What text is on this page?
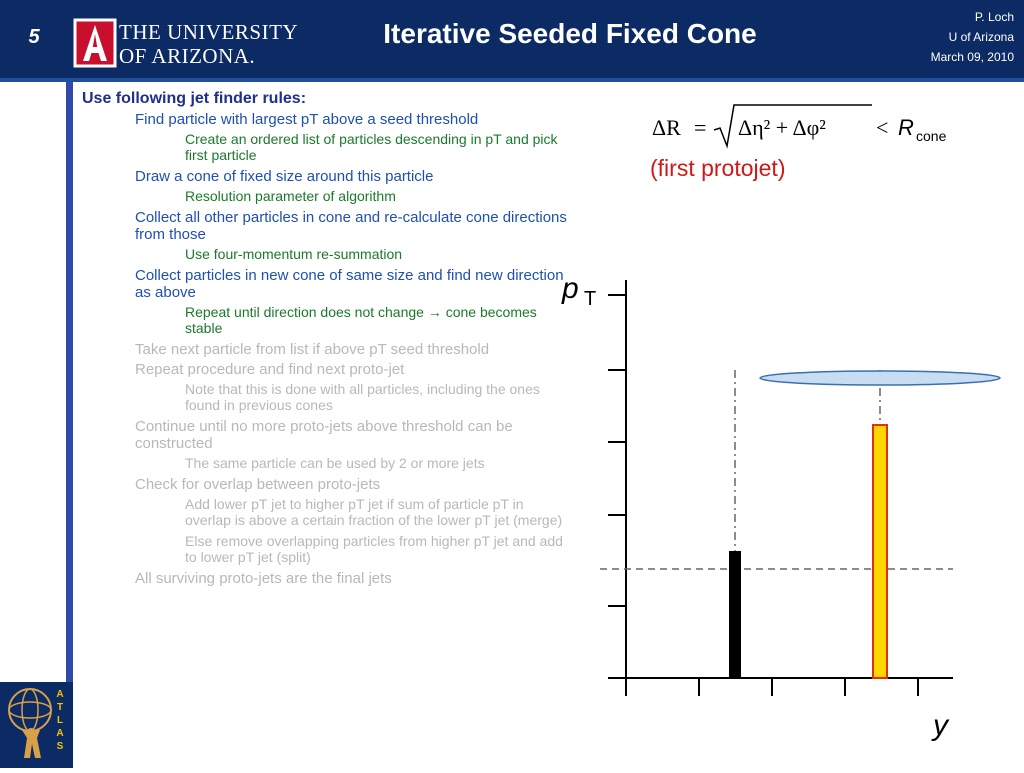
5	THE UNIVERSITY
OF ARIZONA.
Iterative Seeded Fixed Cone
P. Loch
U of Arizona
March 09, 2010
A
T
L
A
S
Use following jet finder rules:
Find particle with largest pT above a seed threshold
Create an ordered list of particles descending in pT and pick first particle
Draw a cone of fixed size around this particle
Resolution parameter of algorithm
Collect all other particles in cone and re-calculate cone directions from those
Use four-momentum re-summation
Collect particles in new cone of same size and find new direction as above
Repeat until direction does not change → cone becomes stable
Take next particle from list if above pT seed threshold
Repeat procedure and find next proto-jet
Note that this is done with all particles, including the ones found in previous cones
Continue until no more proto-jets above threshold can be constructed
The same particle can be used by 2 or more jets
Check for overlap between proto-jets
Add lower pT jet to higher pT jet if sum of particle pT in overlap is above a certain fraction of the lower pT jet (merge)
Else remove overlapping particles from higher pT jet and add to lower pT jet (split)
All surviving proto-jets are the final jets
ΔR = Δη² + Δφ² < R cone
(first protojet)
p T
y
